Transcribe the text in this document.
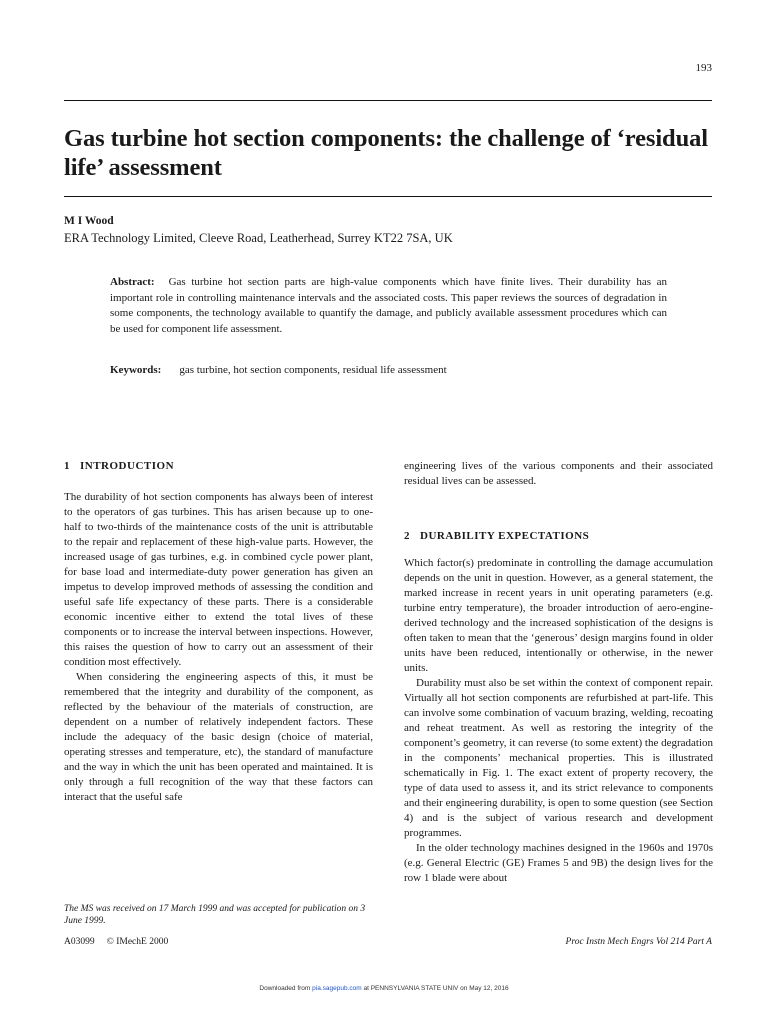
193
Gas turbine hot section components: the challenge of ‘residual life’ assessment
M I Wood
ERA Technology Limited, Cleeve Road, Leatherhead, Surrey KT22 7SA, UK

Abstract: Gas turbine hot section parts are high-value components which have finite lives. Their durability has an important role in controlling maintenance intervals and the associated costs. This paper reviews the sources of degradation in some components, the technology available to quantify the damage, and publicly available assessment procedures which can be used for component life assessment.

Keywords: gas turbine, hot section components, residual life assessment
1 INTRODUCTION

The durability of hot section components has always been of interest to the operators of gas turbines. This has arisen because up to one-half to two-thirds of the maintenance costs of the unit is attributable to the repair and replacement of these high-value parts. However, the increased usage of gas turbines, e.g. in combined cycle power plant, for base load and intermediate-duty power generation has given an impetus to develop improved methods of assessing the condition and useful safe life expectancy of these parts. There is a considerable economic incentive either to extend the total lives of these components or to increase the interval between inspections. However, this raises the question of how to carry out an assessment of their condition most effectively.

When considering the engineering aspects of this, it must be remembered that the integrity and durability of the component, as reflected by the behaviour of the materials of construction, are dependent on a number of relatively independent factors. These include the adequacy of the basic design (choice of material, operating stresses and temperature, etc), the standard of manufacture and the way in which the unit has been operated and maintained. It is only through a full recognition of the way that these factors can interact that the useful safe

engineering lives of the various components and their associated residual lives can be assessed.

2 DURABILITY EXPECTATIONS

Which factor(s) predominate in controlling the damage accumulation depends on the unit in question. However, as a general statement, the marked increase in recent years in unit operating parameters (e.g. turbine entry temperature), the broader introduction of aero-engine-derived technology and the increased sophistication of the designs is often taken to mean that the ‘generous’ design margins found in older units have been reduced, intentionally or otherwise, in the newer units.

Durability must also be set within the context of component repair. Virtually all hot section components are refurbished at part-life. This can involve some combination of vacuum brazing, welding, recoating and reheat treatment. As well as restoring the integrity of the component’s geometry, it can reverse (to some extent) the degradation in the components’ mechanical properties. This is illustrated schematically in Fig. 1. The exact extent of property recovery, the type of data used to assess it, and its strict relevance to components and their engineering durability, is open to some question (see Section 4) and is the subject of various research and development programmes.

In the older technology machines designed in the 1960s and 1970s (e.g. General Electric (GE) Frames 5 and 9B) the design lives for the row 1 blade were about

The MS was received on 17 March 1999 and was accepted for publication on 3 June 1999.
A03099 © IMechE 2000	Proc Instn Mech Engrs Vol 214 Part A
Downloaded from pia.sagepub.com at PENNSYLVANIA STATE UNIV on May 12, 2016
